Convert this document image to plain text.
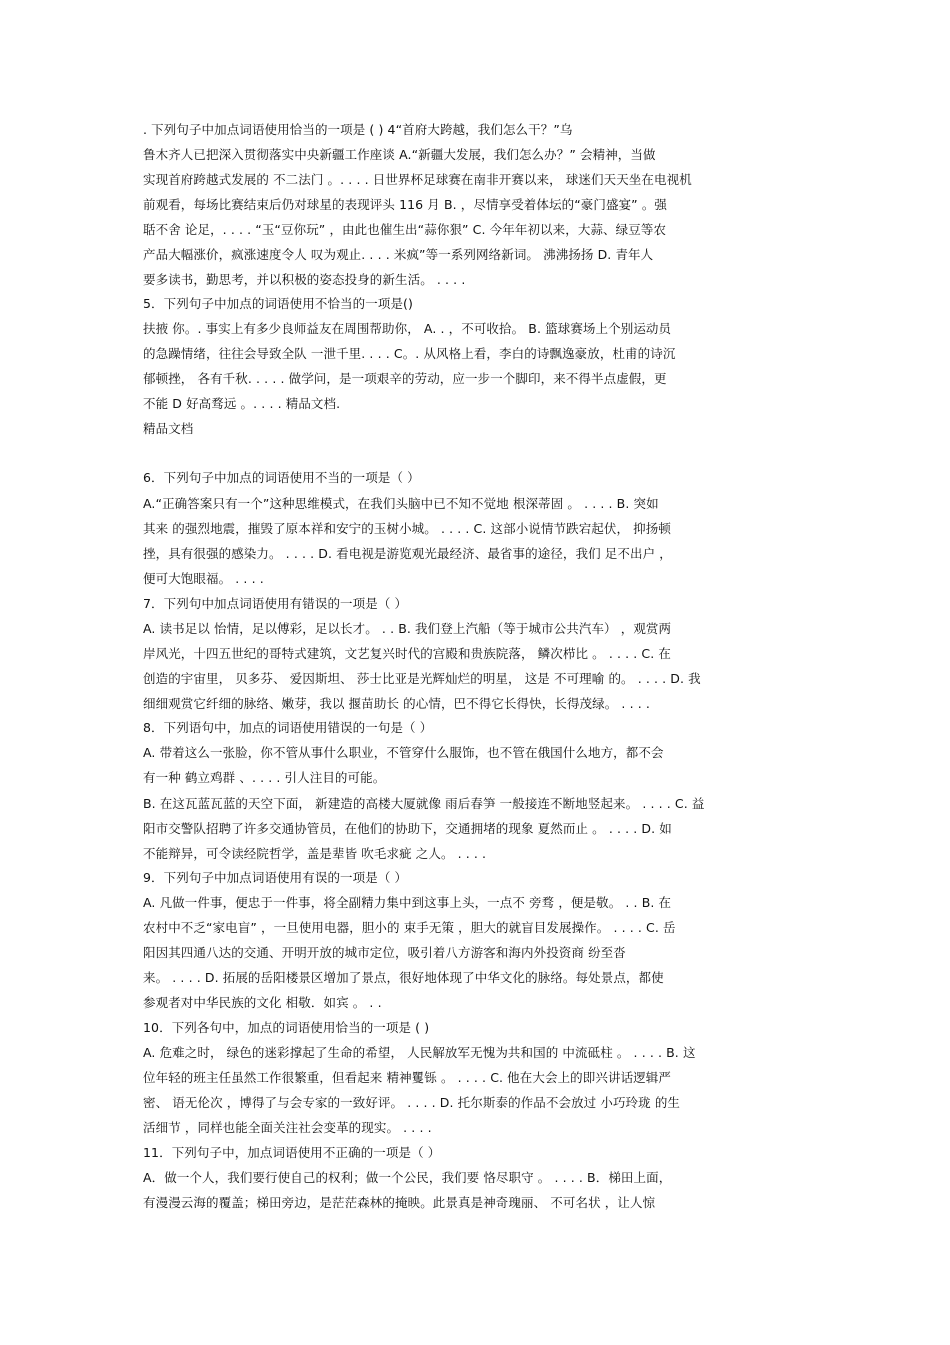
. 下列句子中加点词语使用恰当的一项是 ( ) 4“首府大跨越，我们怎么干？”乌
鲁木齐人已把深入贯彻落实中央新疆工作座谈 A.“新疆大发展，我们怎么办？” 会精神，当做
实现首府跨越式发展的 不二法门 。. . . . 日世界杯足球赛在南非开赛以来， 球迷们天天坐在电视机
前观看，每场比赛结束后仍对球星的表现评头 116 月 B. ，尽情享受着体坛的“豪门盛宴” 。强
聒不舍 论足，. . . . “玉“豆你玩” ，由此也催生出“蒜你狠” C. 今年年初以来，大蒜、绿豆等农
产品大幅涨价，疯涨速度令人 叹为观止. . . . 米疯”等一系列网络新词。 沸沸扬扬 D. 青年人
要多读书，勤思考，并以积极的姿态投身的新生活。 . . . .
5．下列句子中加点的词语使用不恰当的一项是()
扶掖 你。. 事实上有多少良师益友在周围帮助你， A. . ，不可收拾。 B. 篮球赛场上个别运动员
的急躁情绪，往往会导致全队 一泄千里. . . . C。. 从风格上看，李白的诗飘逸豪放，杜甫的诗沉
郁顿挫， 各有千秋. . . . . 做学问，是一项艰辛的劳动，应一步一个脚印，来不得半点虚假，更
不能 D 好高骛远 。. . . . 精品文档.
精品文档
6．下列句子中加点的词语使用不当的一项是（ ）
A.“正确答案只有一个”这种思维模式，在我们头脑中已不知不觉地 根深蒂固 。 . . . . B. 突如
其来 的强烈地震，摧毁了原本祥和安宁的玉树小城。 . . . . C. 这部小说情节跌宕起伏， 抑扬顿
挫，具有很强的感染力。 . . . . D. 看电视是游览观光最经济、最省事的途径，我们 足不出户 ，
便可大饱眼福。 . . . .
7．下列句中加点词语使用有错误的一项是（ ）
A. 读书足以 怡情，足以傅彩，足以长才。 . . B. 我们登上汽船（等于城市公共汽车） ，观赏两
岸风光，十四五世纪的哥特式建筑，文艺复兴时代的宫殿和贵族院落， 鳞次栉比 。 . . . . C. 在
创造的宇宙里， 贝多芬、 爱因斯坦、 莎士比亚是光辉灿烂的明星， 这是 不可理喻 的。 . . . . D. 我
细细观赏它纤细的脉络、嫩芽，我以 揠苗助长 的心情，巴不得它长得快，长得茂绿。 . . . .
8．下列语句中，加点的词语使用错误的一句是（ ）
A. 带着这么一张脸，你不管从事什么职业，不管穿什么服饰，也不管在俄国什么地方，都不会
有一种 鹤立鸡群 、. . . . 引人注目的可能。
B. 在这瓦蓝瓦蓝的天空下面， 新建造的高楼大厦就像 雨后春笋 一般接连不断地竖起来。 . . . . C. 益
阳市交警队招聘了许多交通协管员，在他们的协助下，交通拥堵的现象 夏然而止 。 . . . . D. 如
不能辩异，可令读经院哲学，盖是辈皆 吹毛求疵 之人。 . . . .
9．下列句子中加点词语使用有误的一项是（ ）
A. 凡做一件事，便忠于一件事，将全副精力集中到这事上头，一点不 旁骛 ，便是敬。 . . B. 在
农村中不乏“家电盲” ，一旦使用电器，胆小的 束手无策 ，胆大的就盲目发展操作。 . . . . C. 岳
阳因其四通八达的交通、开明开放的城市定位，吸引着八方游客和海内外投资商 纷至沓
来。 . . . . D. 拓展的岳阳楼景区增加了景点，很好地体现了中华文化的脉络。每处景点，都使
参观者对中华民族的文化 相敬．如宾 。 . .
10．下列各句中，加点的词语使用恰当的一项是 ( )
A. 危难之时， 绿色的迷彩撑起了生命的希望， 人民解放军无愧为共和国的 中流砥柱 。 . . . . B. 这
位年轻的班主任虽然工作很繁重，但看起来 精神矍铄 。 . . . . C. 他在大会上的即兴讲话逻辑严
密、 语无伦次 ，博得了与会专家的一致好评。 . . . . D. 托尔斯泰的作品不会放过 小巧玲珑 的生
活细节 ，同样也能全面关注社会变革的现实。 . . . .
11．下列句子中，加点词语使用不正确的一项是（ ）
A．做一个人，我们要行使自己的权利；做一个公民，我们要 恪尽职守 。 . . . . B．梯田上面，
有漫漫云海的覆盖；梯田旁边，是茫茫森林的掩映。此景真是神奇瑰丽、 不可名状 ，让人惊
